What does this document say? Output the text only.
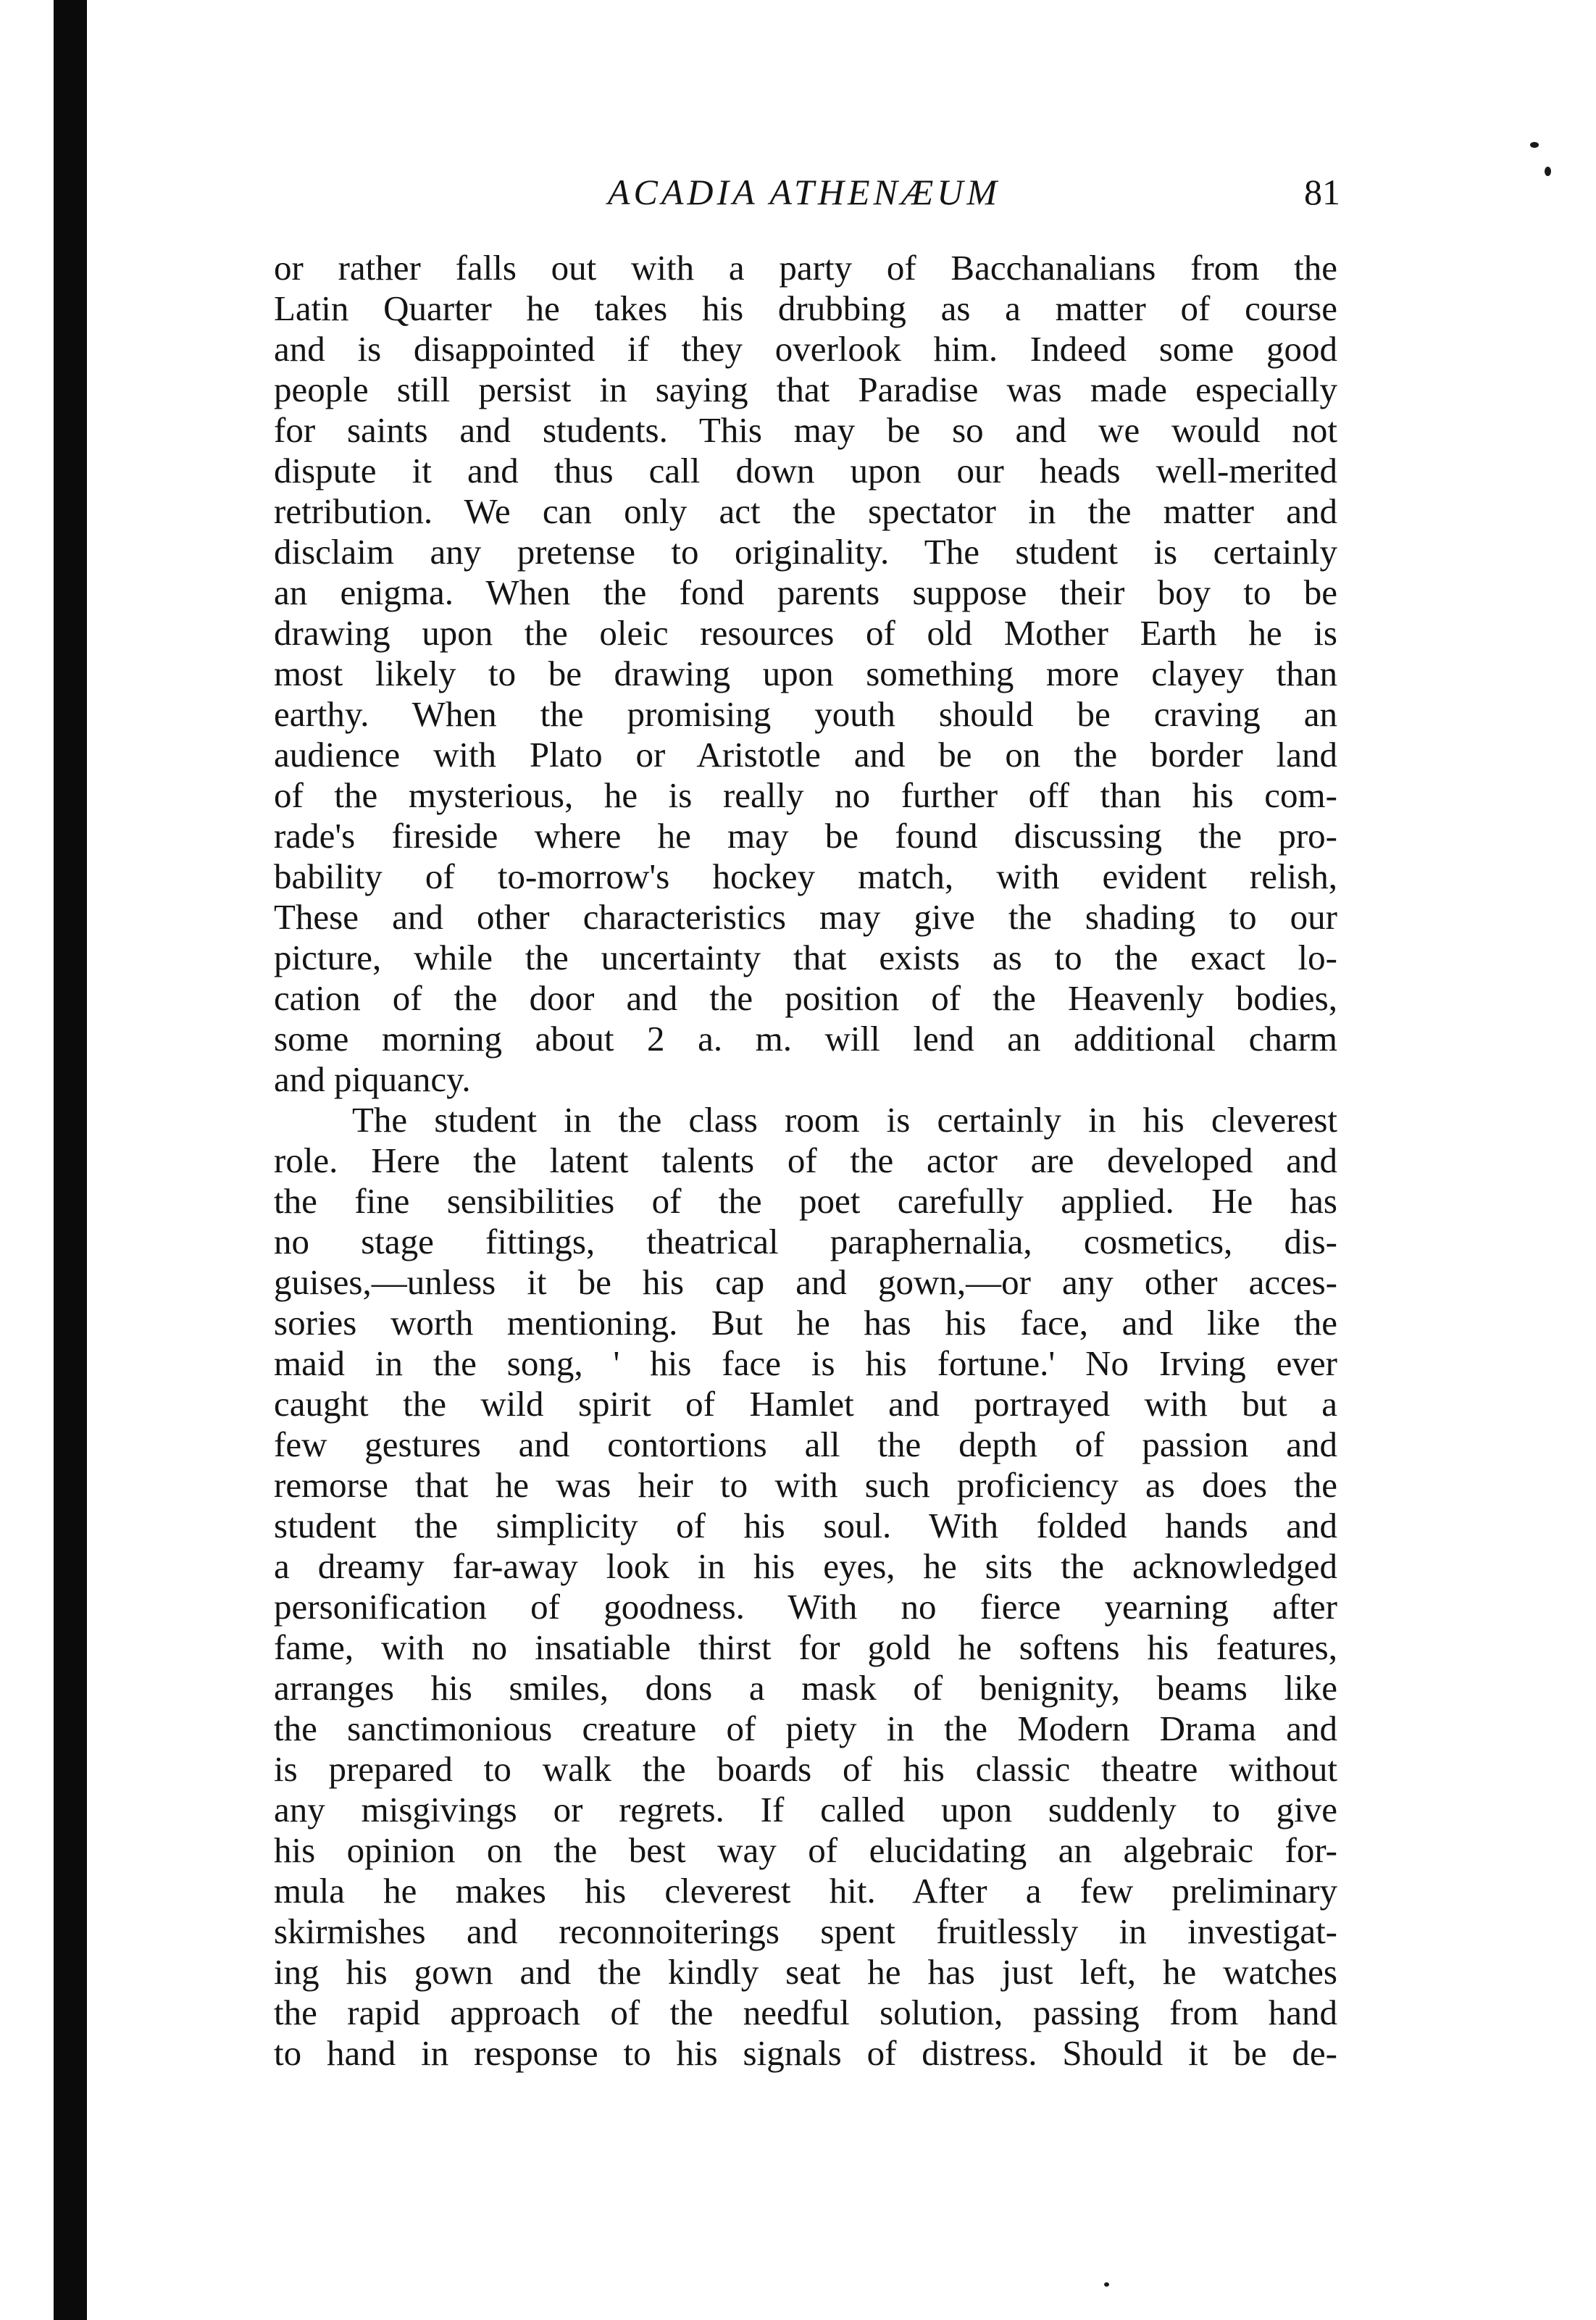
ACADIA ATHENÆUM	81
or rather falls out with a party of Bacchanalians from the
Latin Quarter he takes his drubbing as a matter of course
and is disappointed if they overlook him. Indeed some good
people still persist in saying that Paradise was made especially
for saints and students. This may be so and we would not
dispute it and thus call down upon our heads well-merited
retribution. We can only act the spectator in the matter and
disclaim any pretense to originality. The student is certainly
an enigma. When the fond parents suppose their boy to be
drawing upon the oleic resources of old Mother Earth he is
most likely to be drawing upon something more clayey than
earthy. When the promising youth should be craving an
audience with Plato or Aristotle and be on the border land
of the mysterious, he is really no further off than his com-
rade's fireside where he may be found discussing the pro-
bability of to-morrow's hockey match, with evident relish,
These and other characteristics may give the shading to our
picture, while the uncertainty that exists as to the exact lo-
cation of the door and the position of the Heavenly bodies,
some morning about 2 a. m. will lend an additional charm
and piquancy.
The student in the class room is certainly in his cleverest
role. Here the latent talents of the actor are developed and
the fine sensibilities of the poet carefully applied. He has
no stage fittings, theatrical paraphernalia, cosmetics, dis-
guises,—unless it be his cap and gown,—or any other acces-
sories worth mentioning. But he has his face, and like the
maid in the song, ' his face is his fortune.' No Irving ever
caught the wild spirit of Hamlet and portrayed with but a
few gestures and contortions all the depth of passion and
remorse that he was heir to with such proficiency as does the
student the simplicity of his soul. With folded hands and
a dreamy far-away look in his eyes, he sits the acknowledged
personification of goodness. With no fierce yearning after
fame, with no insatiable thirst for gold he softens his features,
arranges his smiles, dons a mask of benignity, beams like
the sanctimonious creature of piety in the Modern Drama and
is prepared to walk the boards of his classic theatre without
any misgivings or regrets. If called upon suddenly to give
his opinion on the best way of elucidating an algebraic for-
mula he makes his cleverest hit. After a few preliminary
skirmishes and reconnoiterings spent fruitlessly in investigat-
ing his gown and the kindly seat he has just left, he watches
the rapid approach of the needful solution, passing from hand
to hand in response to his signals of distress. Should it be de-
